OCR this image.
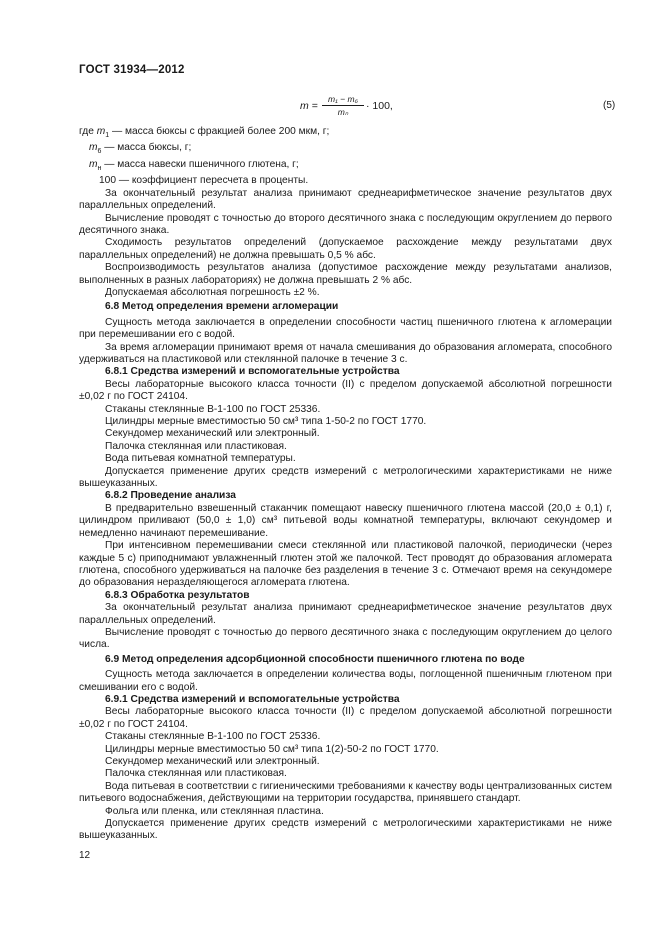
ГОСТ 31934—2012
$m = \frac{\text{m₁ − m₆}}{\text{mₙ}} \cdot 100$,	(5)

где $m_1$ — масса бюксы с фракцией более 200 мкм, г;

$m_6$ — масса бюксы, г;

$m_н$ — масса навески пшеничного глютена, г;

100 — коэффициент пересчета в проценты.

За окончательный результат анализа принимают среднеарифметическое значение результатов двух параллельных определений.

Вычисление проводят с точностью до второго десятичного знака с последующим округлением до первого десятичного знака.

Сходимость результатов определений (допускаемое расхождение между результатами двух параллельных определений) не должна превышать 0,5 % абс.

Воспроизводимость результатов анализа (допустимое расхождение между результатами анализов, выполненных в разных лабораториях) не должна превышать 2 % абс.

Допускаемая абсолютная погрешность ±2 %.

6.8 Метод определения времени агломерации

Сущность метода заключается в определении способности частиц пшеничного глютена к агломерации при перемешивании его с водой.

За время агломерации принимают время от начала смешивания до образования агломерата, способного удерживаться на пластиковой или стеклянной палочке в течение 3 с.

6.8.1 Средства измерений и вспомогательные устройства

Весы лабораторные высокого класса точности (II) с пределом допускаемой абсолютной погрешности ±0,02 г по ГОСТ 24104.

Стаканы стеклянные В-1-100 по ГОСТ 25336.

Цилиндры мерные вместимостью 50 см³ типа 1-50-2 по ГОСТ 1770.

Секундомер механический или электронный.

Палочка стеклянная или пластиковая.

Вода питьевая комнатной температуры.

Допускается применение других средств измерений с метрологическими характеристиками не ниже вышеуказанных.

6.8.2 Проведение анализа

В предварительно взвешенный стаканчик помещают навеску пшеничного глютена массой (20,0 ± 0,1) г, цилиндром приливают (50,0 ± 1,0) см³ питьевой воды комнатной температуры, включают секундомер и немедленно начинают перемешивание.

При интенсивном перемешивании смеси стеклянной или пластиковой палочкой, периодически (через каждые 5 с) приподнимают увлажненный глютен этой же палочкой. Тест проводят до образования агломерата глютена, способного удерживаться на палочке без разделения в течение 3 с. Отмечают время на секундомере до образования неразделяющегося агломерата глютена.

6.8.3 Обработка результатов

За окончательный результат анализа принимают среднеарифметическое значение результатов двух параллельных определений.

Вычисление проводят с точностью до первого десятичного знака с последующим округлением до целого числа.

6.9 Метод определения адсорбционной способности пшеничного глютена по воде

Сущность метода заключается в определении количества воды, поглощенной пшеничным глютеном при смешивании его с водой.

6.9.1 Средства измерений и вспомогательные устройства

Весы лабораторные высокого класса точности (II) с пределом допускаемой абсолютной погрешности ±0,02 г по ГОСТ 24104.

Стаканы стеклянные В-1-100 по ГОСТ 25336.

Цилиндры мерные вместимостью 50 см³ типа 1(2)-50-2 по ГОСТ 1770.

Секундомер механический или электронный.

Палочка стеклянная или пластиковая.

Вода питьевая в соответствии с гигиеническими требованиями к качеству воды централизованных систем питьевого водоснабжения, действующими на территории государства, принявшего стандарт.

Фольга или пленка, или стеклянная пластина.

Допускается применение других средств измерений с метрологическими характеристиками не ниже вышеуказанных.

12
